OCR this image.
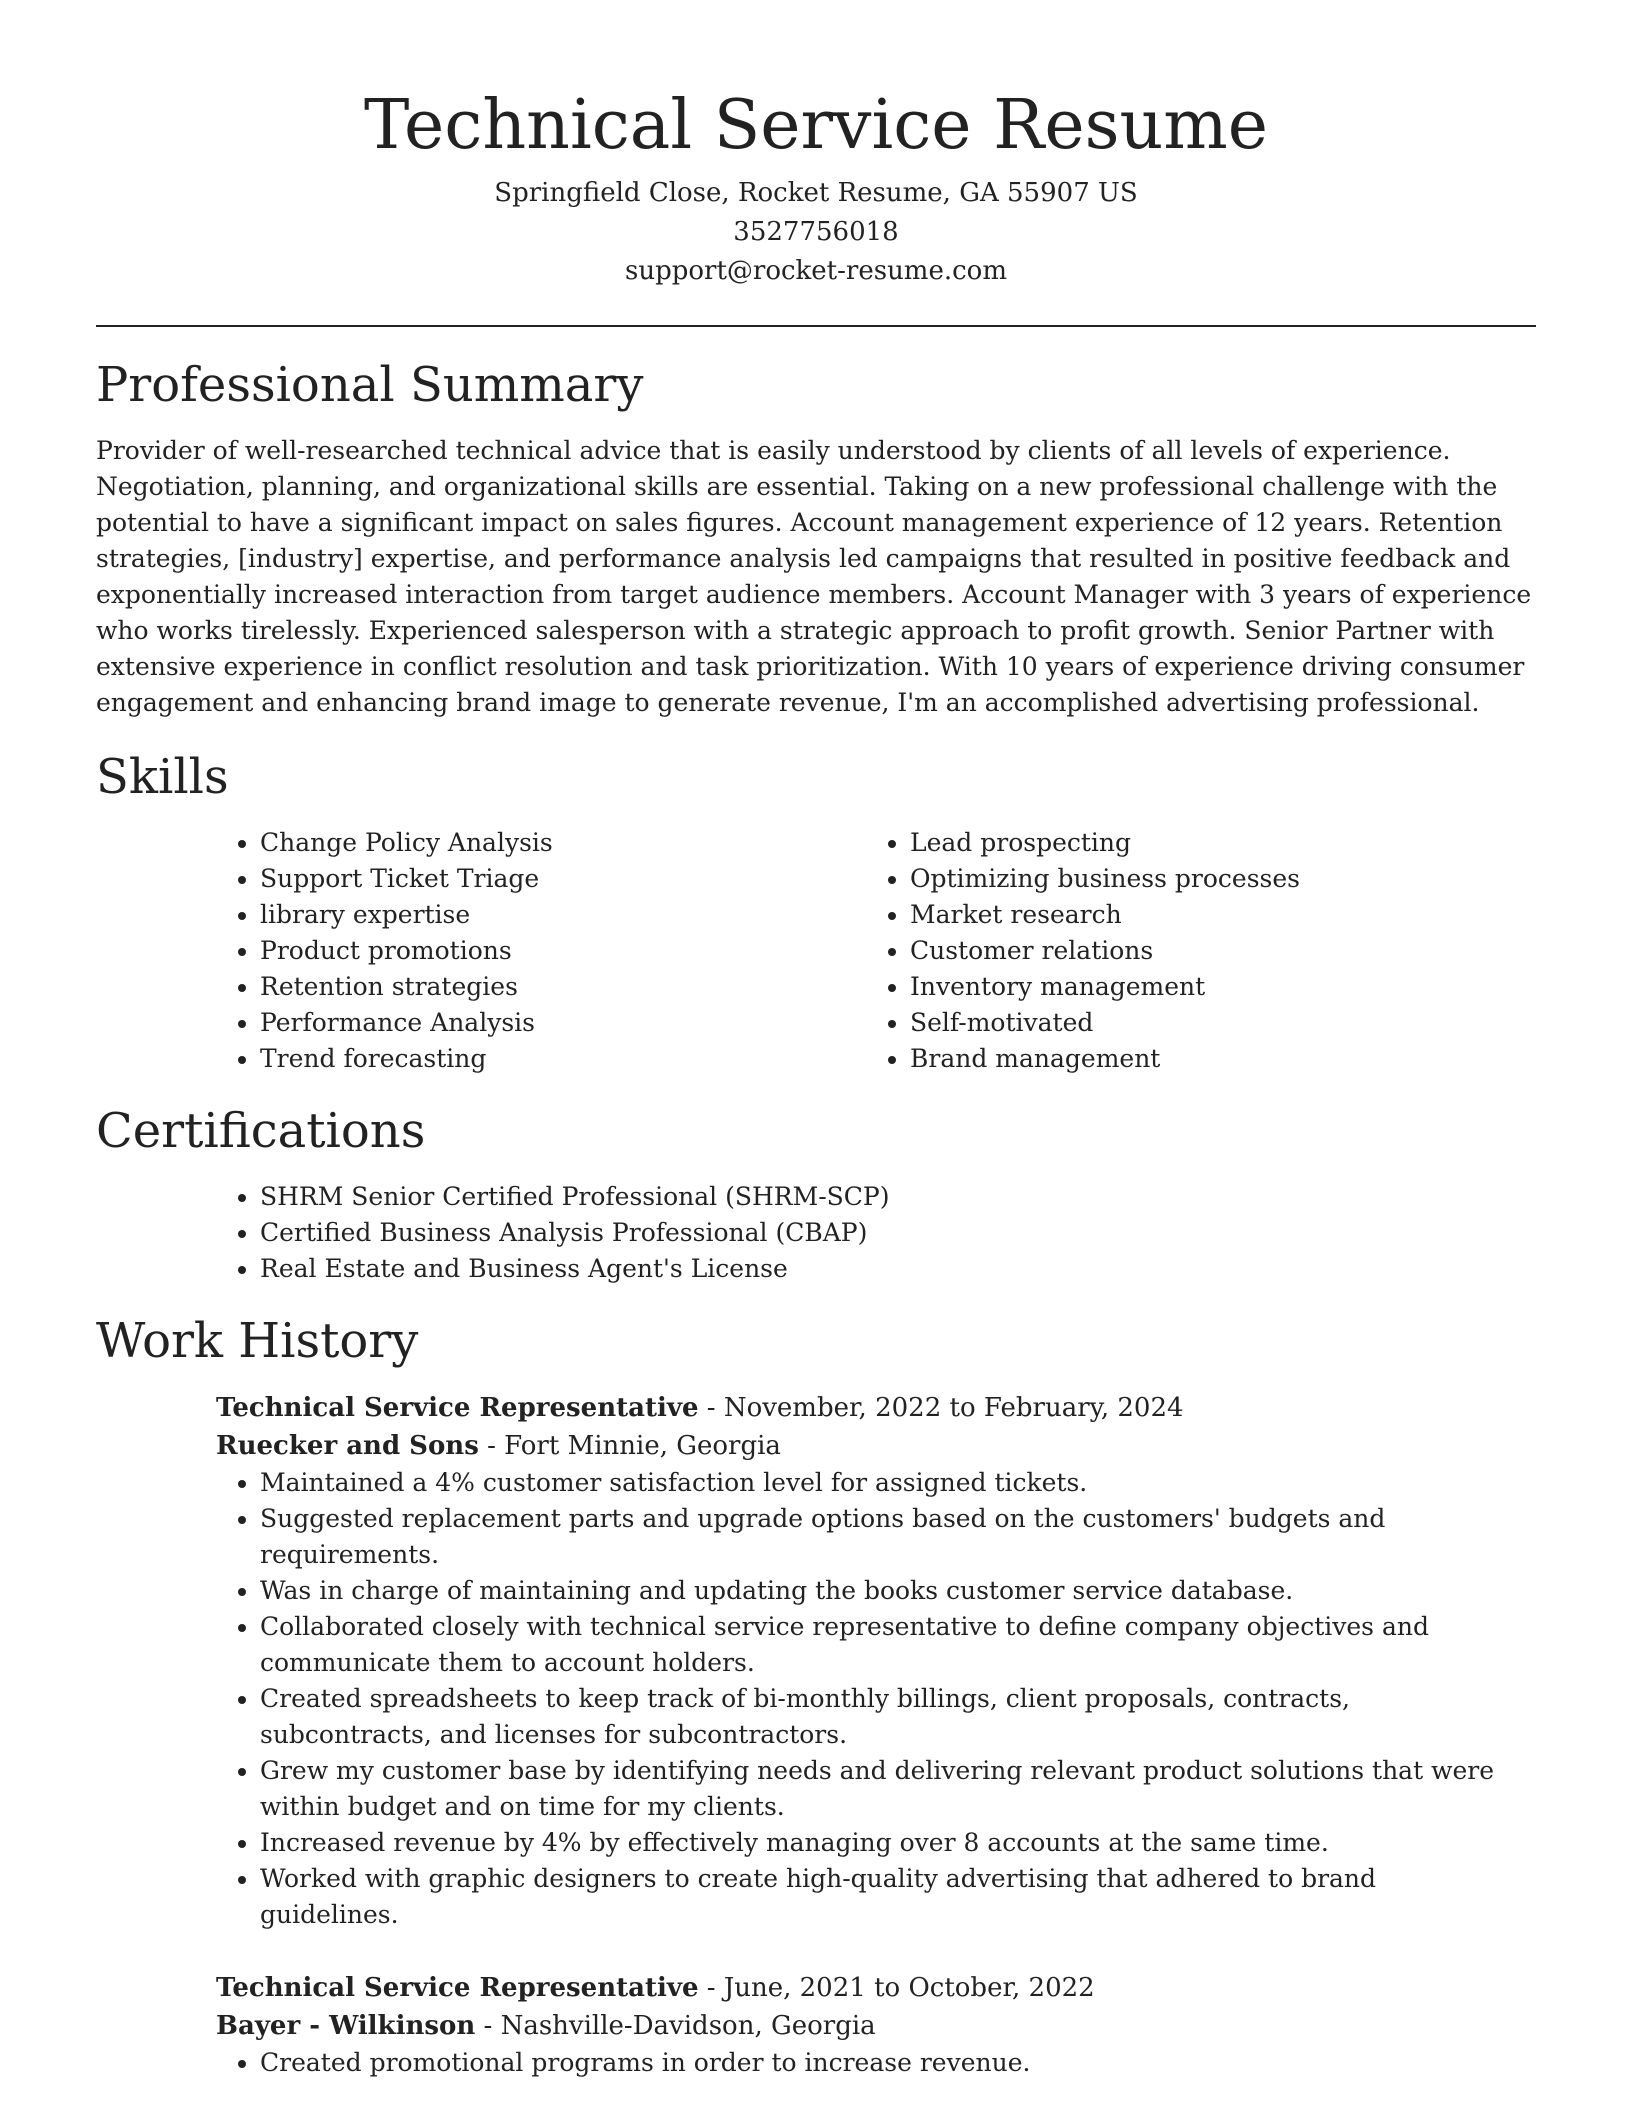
Technical Service Resume

Springfield Close, Rocket Resume, GA 55907 US

3527756018

support@rocket-resume.com

Professional Summary

Provider of well-researched technical advice that is easily understood by clients of all levels of experience. Negotiation, planning, and organizational skills are essential. Taking on a new professional challenge with the potential to have a significant impact on sales figures. Account management experience of 12 years. Retention strategies, [industry] expertise, and performance analysis led campaigns that resulted in positive feedback and exponentially increased interaction from target audience members. Account Manager with 3 years of experience who works tirelessly. Experienced salesperson with a strategic approach to profit growth. Senior Partner with extensive experience in conflict resolution and task prioritization. With 10 years of experience driving consumer engagement and enhancing brand image to generate revenue, I'm an accomplished advertising professional.

Skills
• Change Policy Analysis
• Support Ticket Triage
• library expertise
• Product promotions
• Retention strategies
• Performance Analysis
• Trend forecasting
• Lead prospecting
• Optimizing business processes
• Market research
• Customer relations
• Inventory management
• Self-motivated
• Brand management
Certifications
• SHRM Senior Certified Professional (SHRM-SCP)
• Certified Business Analysis Professional (CBAP)
• Real Estate and Business Agent's License
Work History

Technical Service Representative - November, 2022 to February, 2024

Ruecker and Sons - Fort Minnie, Georgia

• Maintained a 4% customer satisfaction level for assigned tickets.
• Suggested replacement parts and upgrade options based on the customers' budgets and requirements.
• Was in charge of maintaining and updating the books customer service database.
• Collaborated closely with technical service representative to define company objectives and communicate them to account holders.
• Created spreadsheets to keep track of bi-monthly billings, client proposals, contracts, subcontracts, and licenses for subcontractors.
• Grew my customer base by identifying needs and delivering relevant product solutions that were within budget and on time for my clients.
• Increased revenue by 4% by effectively managing over 8 accounts at the same time.
• Worked with graphic designers to create high-quality advertising that adhered to brand guidelines.

Technical Service Representative - June, 2021 to October, 2022

Bayer - Wilkinson - Nashville-Davidson, Georgia

• Created promotional programs in order to increase revenue.
